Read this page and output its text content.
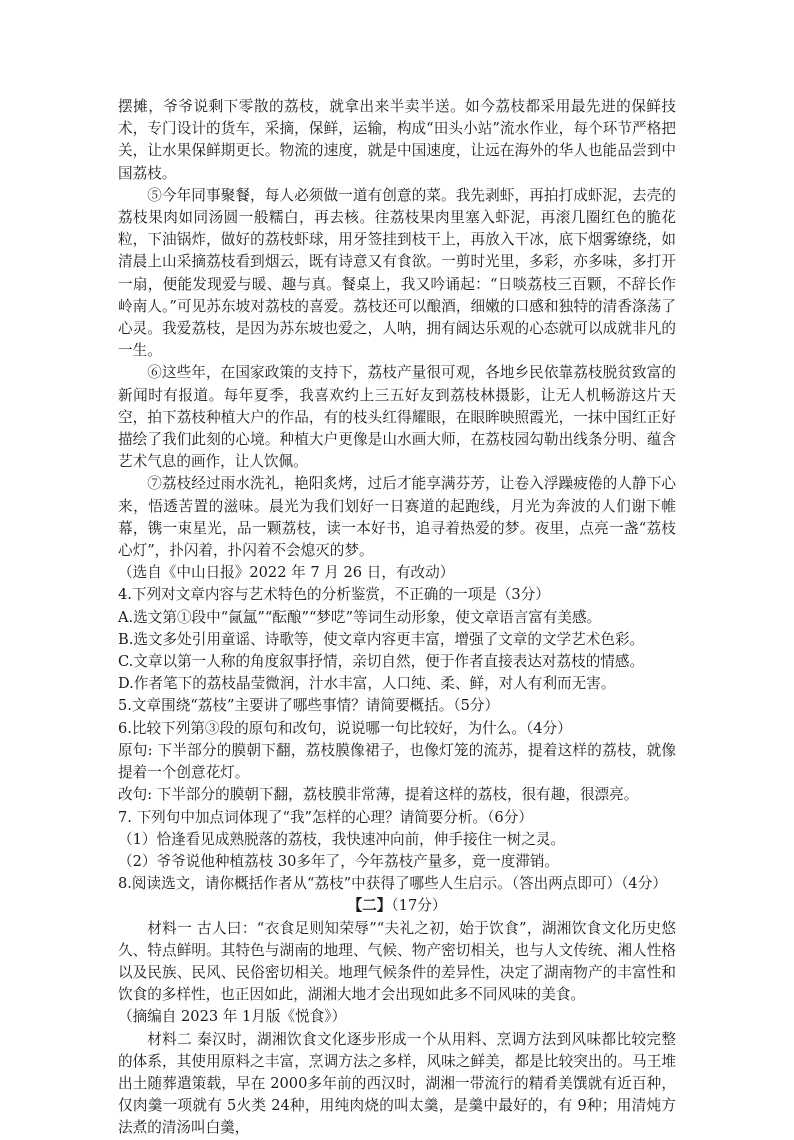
摆摊，爷爷说剩下零散的荔枝，就拿出来半卖半送。如今荔枝都采用最先进的保鲜技术，专门设计的货车，采摘，保鲜，运输，构成“田头小站”流水作业，每个环节严格把关，让水果保鲜期更长。物流的速度，就是中国速度，让远在海外的华人也能品尝到中国荔枝。

⑤今年同事聚餐，每人必须做一道有创意的菜。我先剥虾，再拍打成虾泥，去壳的荔枝果肉如同汤圆一般糯白，再去核。往荔枝果肉里塞入虾泥，再滚几圈红色的脆花粒，下油锅炸，做好的荔枝虾球，用牙签挂到枝干上，再放入干冰，底下烟雾缭绕，如清晨上山采摘荔枝看到烟云，既有诗意又有食欲。一剪时光里，多彩，亦多味，多打开一扇，便能发现爱与暖、趣与真。餐桌上，我又吟诵起：“日啖荔枝三百颗，不辞长作岭南人。”可见苏东坡对荔枝的喜爱。荔枝还可以酿酒，细嫩的口感和独特的清香涤荡了心灵。我爱荔枝，是因为苏东坡也爱之，人呐，拥有阔达乐观的心态就可以成就非凡的一生。

⑥这些年，在国家政策的支持下，荔枝产量很可观，各地乡民依靠荔枝脱贫致富的新闻时有报道。每年夏季，我喜欢约上三五好友到荔枝林摄影，让无人机畅游这片天空，拍下荔枝种植大户的作品，有的枝头红得耀眼，在眼眸映照霞光，一抹中国红正好描绘了我们此刻的心境。种植大户更像是山水画大师，在荔枝园勾勒出线条分明、蕴含艺术气息的画作，让人饮佩。

⑦荔枝经过雨水洗礼，艳阳炙烤，过后才能享满芬芳，让卷入浮躁疲倦的人静下心来，悟透苦置的滋味。晨光为我们划好一日赛道的起跑线，月光为奔波的人们谢下帷幕，镌一束星光，品一颗荔枝，读一本好书，追寻着热爱的梦。夜里，点亮一盏“荔枝心灯”，扑闪着，扑闪着不会熄灭的梦。

（选自《中山日报》2022 年 7 月 26 日，有改动）

4.下列对文章内容与艺术特色的分析鉴赏，不正确的一项是（3分）

A.选文第①段中“氤氲”“酝酿”“梦呓”等词生动形象，使文章语言富有美感。

B.选文多处引用童谣、诗歌等，使文章内容更丰富，增强了文章的文学艺术色彩。

C.文章以第一人称的角度叙事抒情，亲切自然，便于作者直接表达对荔枝的情感。

D.作者笔下的荔枝晶莹微润，汁水丰富，人口纯、柔、鲜，对人有利而无害。

5.文章围绕“荔枝”主要讲了哪些事情？请简要概括。（5分）

6.比较下列第③段的原句和改句，说说哪一句比较好，为什么。（4分）

原句: 下半部分的膜朝下翻，荔枝膜像裙子，也像灯笼的流苏，提着这样的荔枝，就像提着一个创意花灯。

改句: 下半部分的膜朝下翻，荔枝膜非常薄，提着这样的荔枝，很有趣，很漂亮。

7. 下列句中加点词体现了“我”怎样的心理？请简要分析。（6分）

（1）恰逢看见成熟脱落的荔枝，我快速冲向前，伸手接住一树之灵。

（2）爷爷说他种植荔枝 30多年了，今年荔枝产量多，竟一度滞销。

8.阅读选文，请你概括作者从“荔枝”中获得了哪些人生启示。（答出两点即可）（4分）

【二】（17分）

材料一 古人曰：“衣食足则知荣辱”“夫礼之初，始于饮食”，湖湘饮食文化历史悠久、特点鲜明。其特色与湖南的地理、气候、物产密切相关，也与人文传统、湘人性格以及民族、民风、民俗密切相关。地理气候条件的差异性，决定了湖南物产的丰富性和饮食的多样性，也正因如此，湖湘大地才会出现如此多不同风味的美食。

（摘编自 2023 年 1月版《悦食》）

材料二 秦汉时，湖湘饮食文化逐步形成一个从用料、烹调方法到风味都比较完整的体系，其使用原料之丰富，烹调方法之多样，风味之鲜美，都是比较突出的。马王堆出土随葬遣策载，早在 2000多年前的西汉时，湖湘一带流行的精肴美馔就有近百种，仅肉羹一项就有 5火类 24种，用纯肉烧的叫太羹，是羹中最好的，有 9种；用清炖方法煮的清汤叫白羹，
